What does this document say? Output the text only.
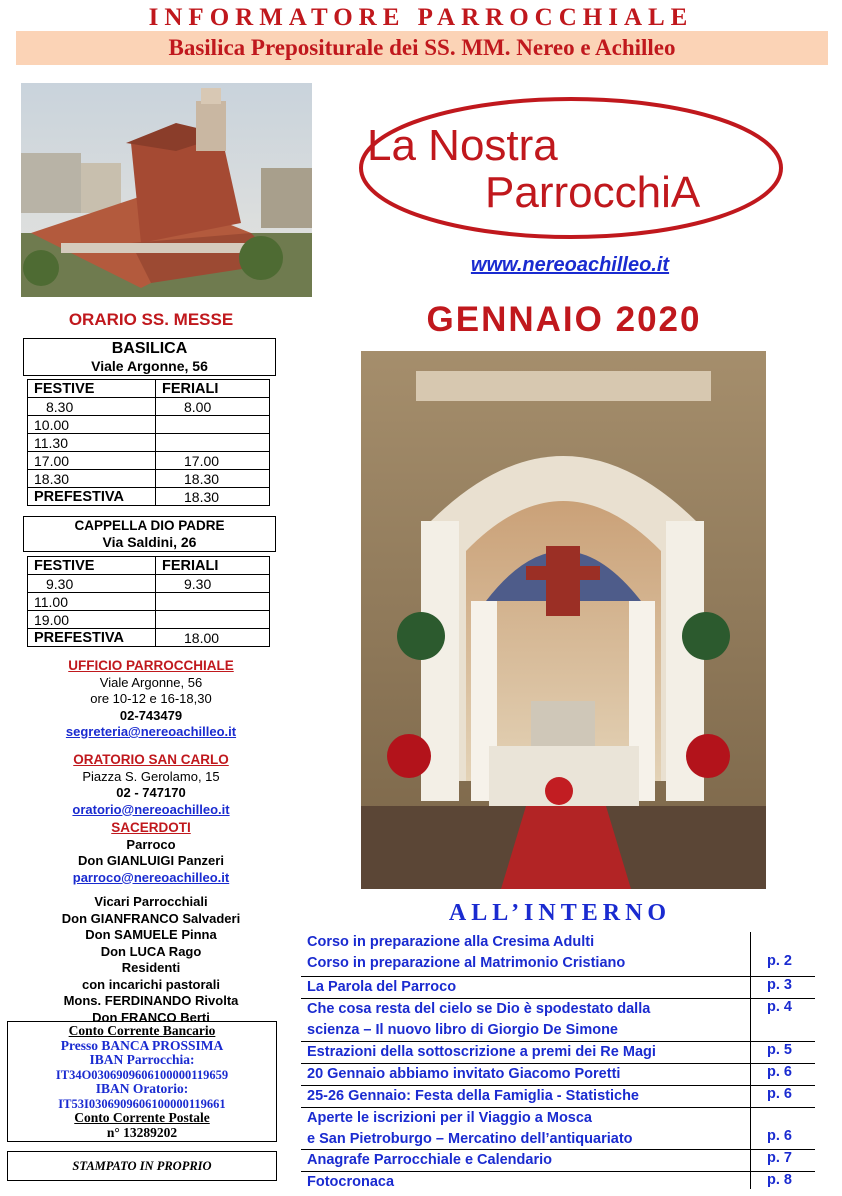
INFORMATORE PARROCCHIALE
Basilica Prepositurale dei SS. MM. Nereo e Achilleo
La Nostra
ParrocchiA
www.nereoachilleo.it
GENNAIO 2020
ORARIO SS. MESSE
BASILICA
Viale Argonne, 56
FESTIVE	FERIALI
8.30	8.00
10.00	
11.30	
17.00	17.00
18.30	18.30
PREFESTIVA	18.30
CAPPELLA DIO PADRE
Via Saldini, 26
FESTIVE	FERIALI
9.30	9.30
11.00	
19.00	
PREFESTIVA	18.00
UFFICIO PARROCCHIALE
Viale Argonne, 56
ore 10-12 e 16-18,30
02-743479
segreteria@nereoachilleo.it
ORATORIO SAN CARLO
Piazza S. Gerolamo, 15
02 - 747170
oratorio@nereoachilleo.it
SACERDOTI
Parroco
Don GIANLUIGI Panzeri
parroco@nereoachilleo.it
Vicari Parrocchiali
Don GIANFRANCO Salvaderi
Don SAMUELE Pinna
Don LUCA Rago
Residenti
con incarichi pastorali
Mons. FERDINANDO Rivolta
Don FRANCO Berti
Conto Corrente Bancario
Presso BANCA PROSSIMA
IBAN Parrocchia:
IT34O0306909606100000119659
IBAN Oratorio:
IT53I0306909606100000119661
Conto Corrente Postale
n° 13289202
STAMPATO IN PROPRIO
ALL’INTERNO
Corso in preparazione alla Cresima Adulti
Corso in preparazione al Matrimonio Cristiano	p. 2
La Parola del Parroco	p. 3
Che cosa resta del cielo se Dio è spodestato dalla
scienza – Il nuovo libro di Giorgio De Simone
p. 4
Estrazioni della sottoscrizione a premi dei Re Magi	p. 5
20 Gennaio abbiamo invitato Giacomo Poretti	p. 6
25-26 Gennaio: Festa della Famiglia - Statistiche	p. 6
Aperte le iscrizioni per il Viaggio a Mosca
e San Pietroburgo – Mercatino dell’antiquariato	p. 6
Anagrafe Parrocchiale e Calendario	p. 7
Fotocronaca	p. 8
